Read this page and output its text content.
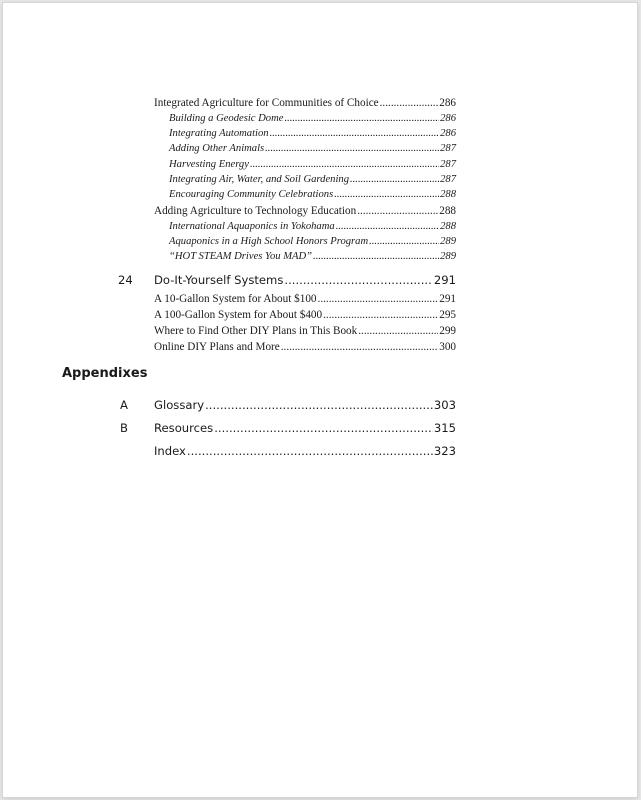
Integrated Agriculture for Communities of Choice .....	286
Building a Geodesic Dome .....	286
Integrating Automation .....	286
Adding Other Animals .....	287
Harvesting Energy .....	287
Integrating Air, Water, and Soil Gardening .....	287
Encouraging Community Celebrations .....	288
Adding Agriculture to Technology Education .....	288
International Aquaponics in Yokohama .....	288
Aquaponics in a High School Honors Program .....	289
“HOT STEAM Drives You MAD” .....	289
24 Do-It-Yourself Systems .....	291
A 10-Gallon System for About $100 .....	291
A 100-Gallon System for About $400 .....	295
Where to Find Other DIY Plans in This Book .....	299
Online DIY Plans and More .....	300
Appendixes
A Glossary .....	303
B Resources .....	315
Index .....	323
